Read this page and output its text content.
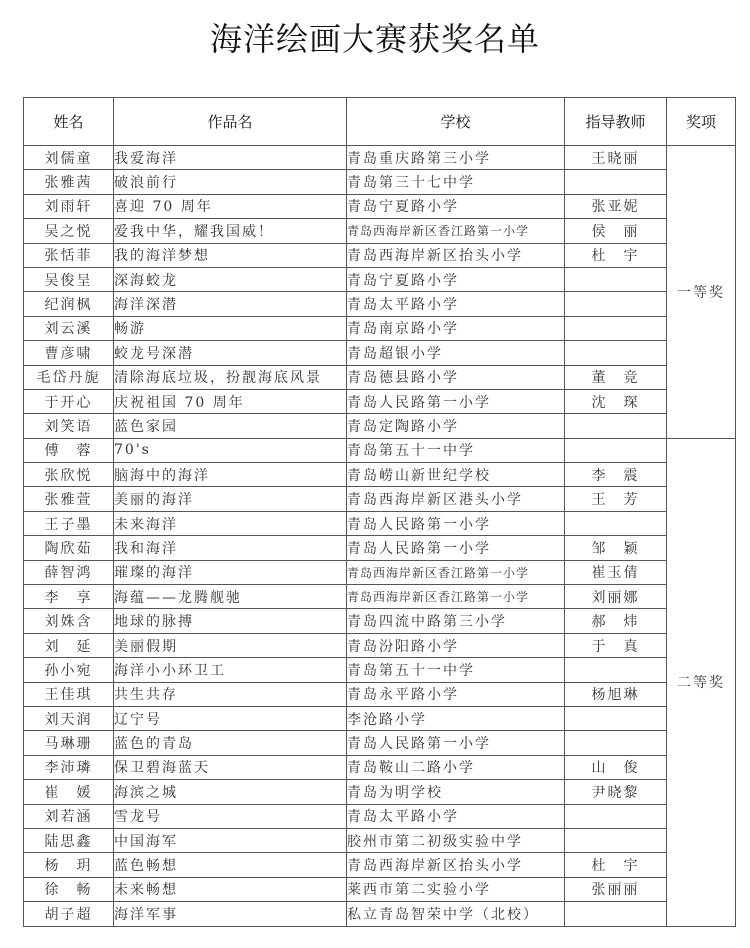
海洋绘画大赛获奖名单
姓名	作品名	学校	指导教师	奖项
刘儒童	我爱海洋	青岛重庆路第三小学	王晓丽	一等奖
张雅茜	破浪前行	青岛第三十七中学		
刘雨轩	喜迎 70 周年	青岛宁夏路小学	张亚妮	
吴之悦	爱我中华，耀我国威！	青岛西海岸新区香江路第一小学	侯　丽	
张恬菲	我的海洋梦想	青岛西海岸新区抬头小学	杜　宇	
吴俊呈	深海蛟龙	青岛宁夏路小学		
纪润枫	海洋深潜	青岛太平路小学		
刘云溪	畅游	青岛南京路小学		
曹彦啸	蛟龙号深潜	青岛超银小学		
毛岱丹旎	清除海底垃圾，扮靓海底风景	青岛德县路小学	董　竞	
于开心	庆祝祖国 70 周年	青岛人民路第一小学	沈　琛	
刘笑语	蓝色家园	青岛定陶路小学		
傅　蓉	70's	青岛第五十一中学		二等奖
张欣悦	脑海中的海洋	青岛崂山新世纪学校	李　震	
张雅萱	美丽的海洋	青岛西海岸新区港头小学	王　芳	
王子墨	未来海洋	青岛人民路第一小学		
陶欣茹	我和海洋	青岛人民路第一小学	邹　颖	
薛智鸿	璀璨的海洋	青岛西海岸新区香江路第一小学	崔玉倩	
李　享	海蕴——龙腾舰驰	青岛西海岸新区香江路第一小学	刘丽娜	
刘姝含	地球的脉搏	青岛四流中路第三小学	郝　炜	
刘　延	美丽假期	青岛汾阳路小学	于　真	
孙小宛	海洋小小环卫工	青岛第五十一中学		
王佳琪	共生共存	青岛永平路小学	杨旭琳	
刘天润	辽宁号	李沧路小学		
马琳珊	蓝色的青岛	青岛人民路第一小学		
李沛璘	保卫碧海蓝天	青岛鞍山二路小学	山　俊	
崔　媛	海滨之城	青岛为明学校	尹晓黎	
刘若涵	雪龙号	青岛太平路小学		
陆思鑫	中国海军	胶州市第二初级实验中学		
杨　玥	蓝色畅想	青岛西海岸新区抬头小学	杜　宇	
徐　畅	未来畅想	莱西市第二实验小学	张丽丽	
胡子超	海洋军事	私立青岛智荣中学（北校）		
